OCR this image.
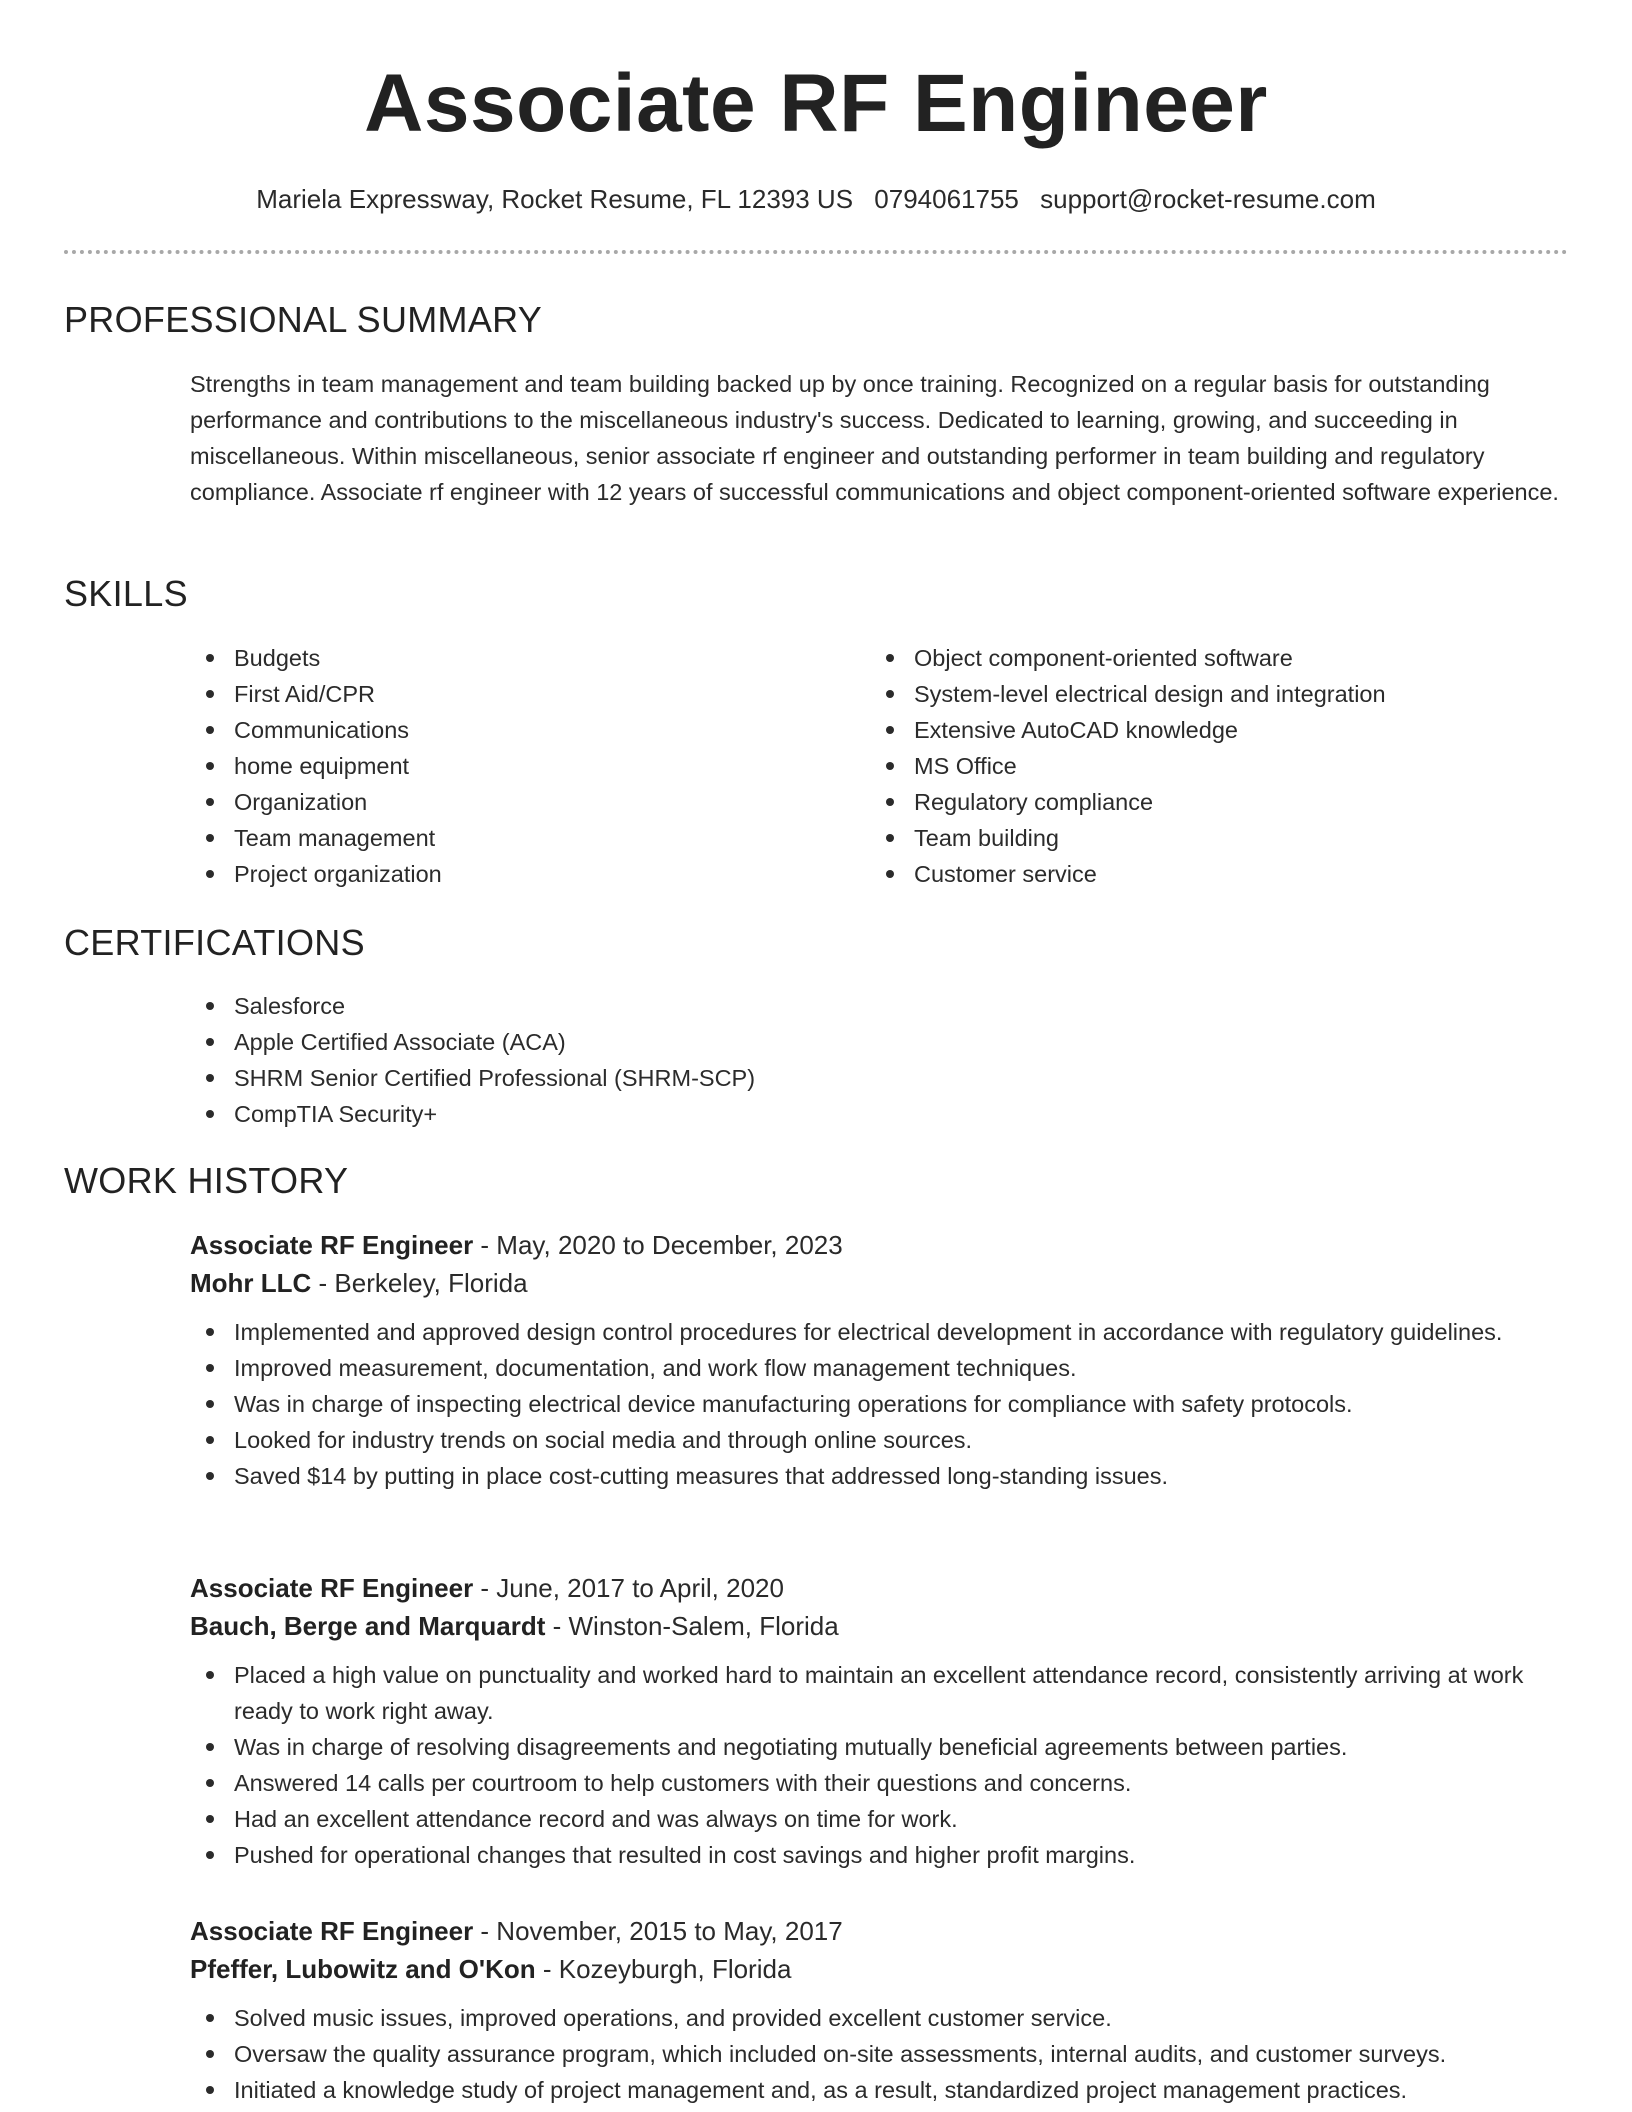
Associate RF Engineer
Mariela Expressway, Rocket Resume, FL 12393 US 0794061755 support@rocket-resume.com
PROFESSIONAL SUMMARY

Strengths in team management and team building backed up by once training. Recognized on a regular basis for outstanding performance and contributions to the miscellaneous industry's success. Dedicated to learning, growing, and succeeding in miscellaneous. Within miscellaneous, senior associate rf engineer and outstanding performer in team building and regulatory compliance. Associate rf engineer with 12 years of successful communications and object component-oriented software experience.

SKILLS
Budgets
First Aid/CPR
Communications
home equipment
Organization
Team management
Project organization
Object component-oriented software
System-level electrical design and integration
Extensive AutoCAD knowledge
MS Office
Regulatory compliance
Team building
Customer service
CERTIFICATIONS
Salesforce
Apple Certified Associate (ACA)
SHRM Senior Certified Professional (SHRM-SCP)
CompTIA Security+
WORK HISTORY
Associate RF Engineer - May, 2020 to December, 2023
Mohr LLC - Berkeley, Florida
Implemented and approved design control procedures for electrical development in accordance with regulatory guidelines.
Improved measurement, documentation, and work flow management techniques.
Was in charge of inspecting electrical device manufacturing operations for compliance with safety protocols.
Looked for industry trends on social media and through online sources.
Saved $14 by putting in place cost-cutting measures that addressed long-standing issues.
Associate RF Engineer - June, 2017 to April, 2020
Bauch, Berge and Marquardt - Winston-Salem, Florida
Placed a high value on punctuality and worked hard to maintain an excellent attendance record, consistently arriving at work ready to work right away.
Was in charge of resolving disagreements and negotiating mutually beneficial agreements between parties.
Answered 14 calls per courtroom to help customers with their questions and concerns.
Had an excellent attendance record and was always on time for work.
Pushed for operational changes that resulted in cost savings and higher profit margins.
Associate RF Engineer - November, 2015 to May, 2017
Pfeffer, Lubowitz and O'Kon - Kozeyburgh, Florida
Solved music issues, improved operations, and provided excellent customer service.
Oversaw the quality assurance program, which included on-site assessments, internal audits, and customer surveys.
Initiated a knowledge study of project management and, as a result, standardized project management practices.
